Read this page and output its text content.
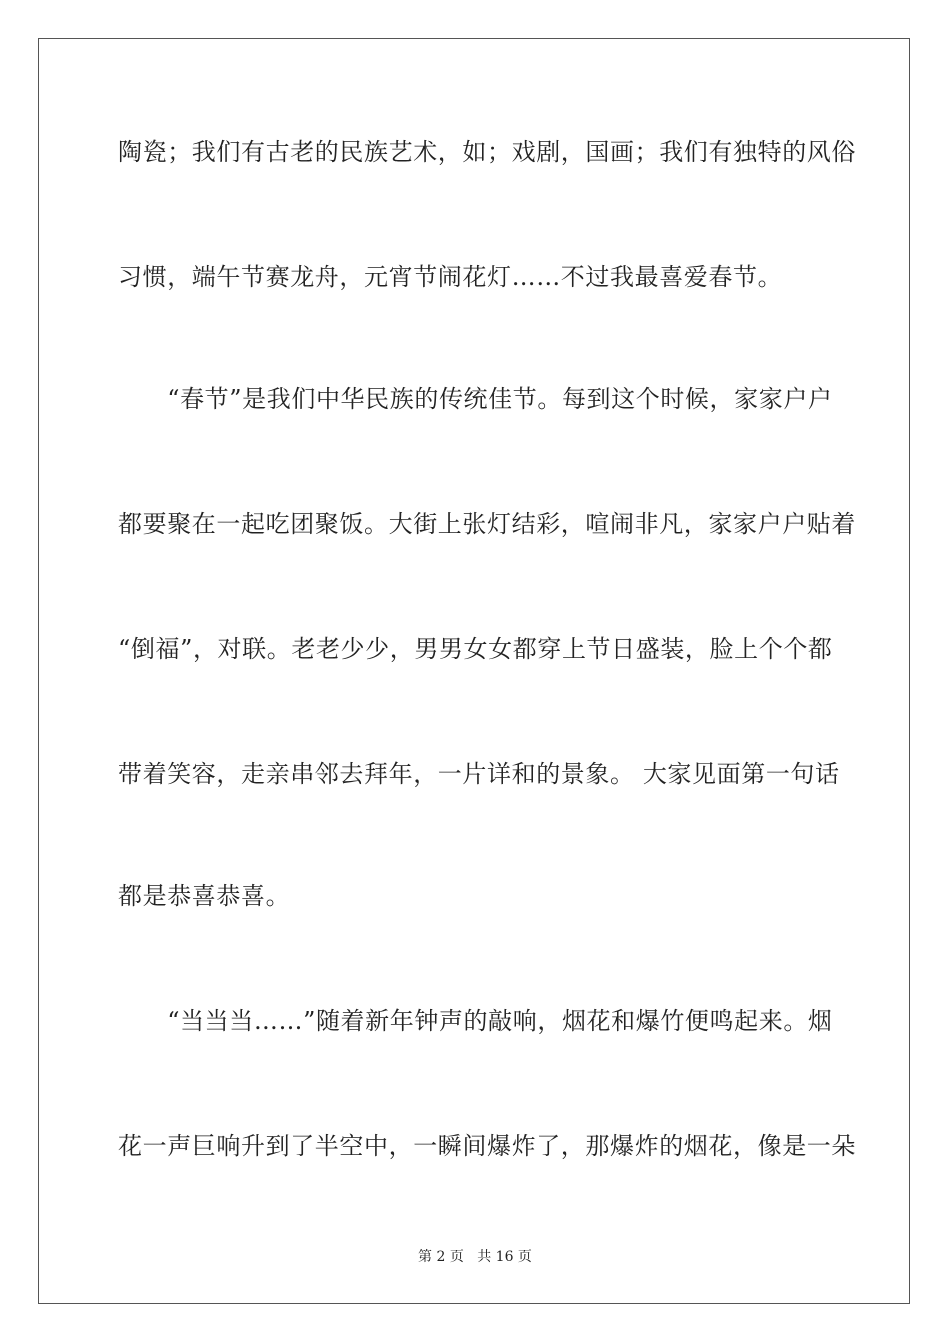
陶瓷；我们有古老的民族艺术，如；戏剧，国画；我们有独特的风俗
习惯，端午节赛龙舟，元宵节闹花灯……不过我最喜爱春节。
　　“春节”是我们中华民族的传统佳节。每到这个时候，家家户户
都要聚在一起吃团聚饭。大街上张灯结彩，喧闹非凡，家家户户贴着
“倒福”，对联。老老少少，男男女女都穿上节日盛装，脸上个个都
带着笑容，走亲串邻去拜年，一片详和的景象。 大家见面第一句话
都是恭喜恭喜。
　　“当当当……”随着新年钟声的敲响，烟花和爆竹便鸣起来。烟
花一声巨响升到了半空中，一瞬间爆炸了，那爆炸的烟花，像是一朵
第 2 页 共 16 页
